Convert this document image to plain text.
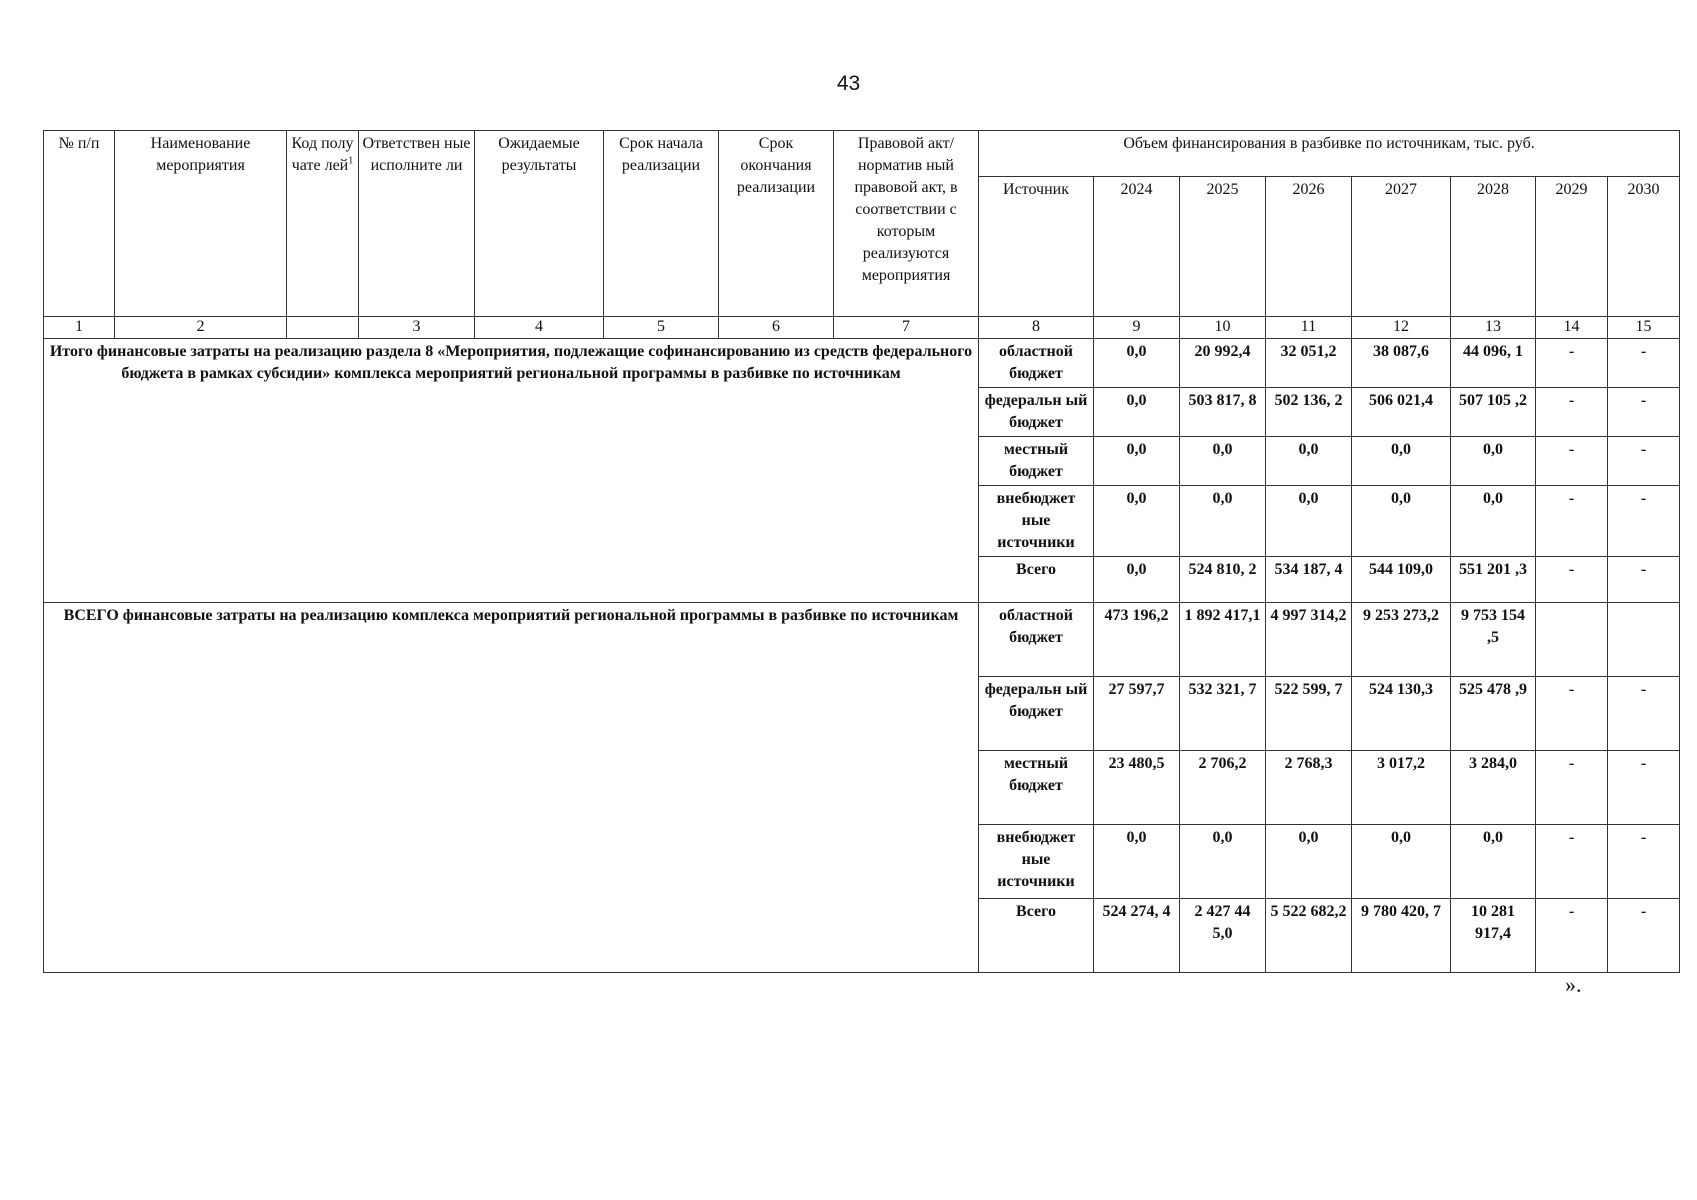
43
№ п/п	Наименование мероприятия	Код полу чате лей$^1$	Ответствен ные исполните ли	Ожидаемые результаты	Срок начала реализации	Срок окончания реализации	Правовой акт/норматив ный правовой акт, в соответствии с которым реализуются мероприятия	Объем финансирования в разбивке по источникам, тыс. руб.							
								Источник	2024	2025	2026	2027	2028	2029	2030
1	2		3	4	5	6	7	8	9	10	11	12	13	14	15
Итого финансовые затраты на реализацию раздела 8 «Мероприятия, подлежащие софинансированию из средств федерального бюджета в рамках субсидии» комплекса мероприятий региональной программы в разбивке по источникам								областной бюджет	0,0	20 992,4	32 051,2	38 087,6	44 096, 1	-	-
								федеральн ый бюджет	0,0	503 817, 8	502 136, 2	506 021,4	507 105 ,2	-	-
								местный бюджет	0,0	0,0	0,0	0,0	0,0	-	-
								внебюджет ные источники	0,0	0,0	0,0	0,0	0,0	-	-
								Всего	0,0	524 810, 2	534 187, 4	544 109,0	551 201 ,3	-	-
ВСЕГО финансовые затраты на реализацию комплекса мероприятий региональной программы в разбивке по источникам								областной бюджет	473 196,2	1 892 417,1	4 997 314,2	9 253 273,2	9 753 154 ,5		
								федеральн ый бюджет	27 597,7	532 321, 7	522 599, 7	524 130,3	525 478 ,9	-	-
								местный бюджет	23 480,5	2 706,2	2 768,3	3 017,2	3 284,0	-	-
								внебюджет ные источники	0,0	0,0	0,0	0,0	0,0	-	-
								Всего	524 274, 4	2 427 44 5,0	5 522 682,2	9 780 420, 7	10 281 917,4	-	-
».
